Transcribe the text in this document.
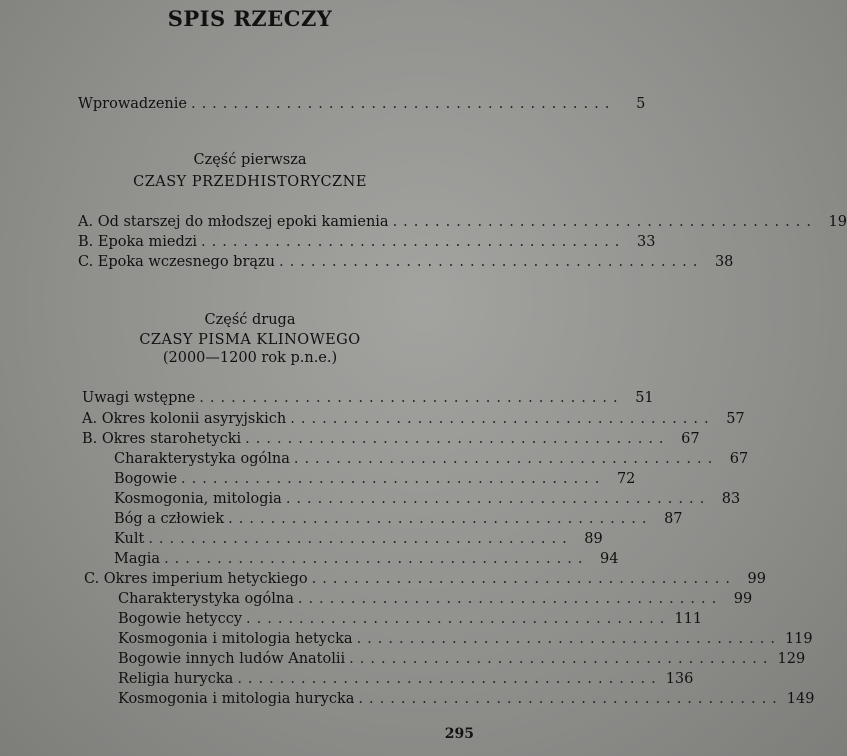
SPIS RZECZY
Wprowadzenie ........................................	5
Część pierwsza
CZASY PRZEDHISTORYCZNE
A. Od starszej do młodszej epoki kamienia ........................................ 19
B. Epoka miedzi ........................................ 33
C. Epoka wczesnego brązu ........................................ 38
Część druga
CZASY PISMA KLINOWEGO
(2000—1200 rok p.n.e.)
Uwagi wstępne ........................................ 51
A. Okres kolonii asyryjskich ........................................ 57
B. Okres starohetycki ........................................ 67
Charakterystyka ogólna ........................................ 67
Bogowie ........................................ 72
Kosmogonia, mitologia ........................................ 83
Bóg a człowiek ........................................ 87
Kult ........................................ 89
Magia ........................................ 94
C. Okres imperium hetyckiego ........................................ 99
Charakterystyka ogólna ........................................ 99
Bogowie hetyccy ........................................ 111
Kosmogonia i mitologia hetycka ........................................ 119
Bogowie innych ludów Anatolii ........................................ 129
Religia hurycka ........................................ 136
Kosmogonia i mitologia hurycka ........................................ 149
295
